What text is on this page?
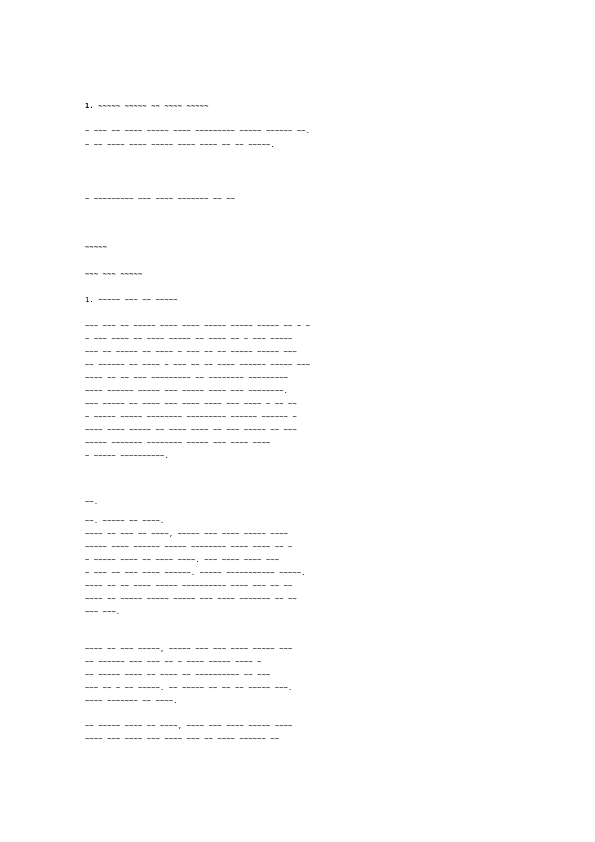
1. ~~~~~ ~~~~~ ~~ ~~~~ ~~~~~
~ ~~~ ~~ ~~~~ ~~~~~ ~~~~ ~~~~~~~~~ ~~~~~ ~~~~~~ ~~.
~ ~~ ~~~~ ~~~~ ~~~~~ ~~~~ ~~~~ ~~ ~~ ~~~~~.
~ ~~~~~~~~~ ~~~ ~~~~ ~~~~~~~ ~~ ~~
~~~~~
~~~ ~~~ ~~~~~
1. ~~~~~ ~~~ ~~ ~~~~~
~~~ ~~~ ~~ ~~~~~ ~~~~ ~~~~ ~~~~~ ~~~~~ ~~~~~ ~~ ~ ~
~ ~~~ ~~~~ ~~ ~~~~ ~~~~~ ~~ ~~~~ ~~ ~ ~~~ ~~~~~
~~~ ~~ ~~~~~ ~~ ~~~~ ~ ~~~ ~~ ~~ ~~~~~ ~~~~~ ~~~
~~ ~~~~~~ ~~ ~~~~ ~ ~~~ ~~ ~~ ~~~~ ~~~~~~ ~~~~~ ~~~
~~~~ ~~ ~~ ~~~ ~~~~~~~~~ ~~ ~~~~~~~~ ~~~~~~~~~
~~~~ ~~~~~~ ~~~~~ ~~~ ~~~~~ ~~~~ ~~~ ~~~~~~~~.
~~~ ~~~~~ ~~ ~~~~ ~~~ ~~~~ ~~~~ ~~~ ~~~~ ~ ~~ ~~
~ ~~~~~ ~~~~~ ~~~~~~~~ ~~~~~~~~~ ~~~~~~ ~~~~~~ ~
~~~~ ~~~~ ~~~~~ ~~ ~~~~ ~~~~ ~~ ~~~ ~~~~~ ~~ ~~~
~~~~~ ~~~~~~~ ~~~~~~~~ ~~~~~ ~~~ ~~~~ ~~~~
~ ~~~~~ ~~~~~~~~~~.
~~.
~~. ~~~~~ ~~ ~~~~.
~~~~ ~~ ~~~ ~~ ~~~~, ~~~~~ ~~~ ~~~~ ~~~~~ ~~~~
~~~~~ ~~~~ ~~~~~~ ~~~~~ ~~~~~~~~ ~~~~ ~~~~ ~~ ~
~ ~~~~~ ~~~~ ~~ ~~~~ ~~~~. ~~~ ~~~~ ~~~~ ~~~
~ ~~~ ~~ ~~~ ~~~~ ~~~~~~. ~~~~~ ~~~~~~~~~~~ ~~~~~.
~~~~ ~~ ~~ ~~~~ ~~~~~ ~~~~~~~~~~ ~~~~ ~~~ ~~ ~~
~~~~ ~~ ~~~~~ ~~~~~ ~~~~~ ~~~ ~~~~ ~~~~~~~ ~~ ~~
~~~ ~~~.
~~~~ ~~ ~~~ ~~~~~, ~~~~~ ~~~ ~~~ ~~~~ ~~~~~ ~~~
~~ ~~~~~~ ~~~ ~~~ ~~ ~ ~~~~ ~~~~~ ~~~~ ~
~~ ~~~~~ ~~~~ ~~ ~~~~ ~~ ~~~~~~~~~~ ~~ ~~~
~~~ ~~ ~ ~~ ~~~~~. ~~ ~~~~~ ~~ ~~ ~~ ~~~~~ ~~~.
~~~~ ~~~~~~~ ~~ ~~~~.
~~ ~~~~~ ~~~~ ~~ ~~~~, ~~~~ ~~~ ~~~~ ~~~~~ ~~~~
~~~~ ~~~ ~~~~ ~~~ ~~~~ ~~~ ~~ ~~~~ ~~~~~~ ~~
